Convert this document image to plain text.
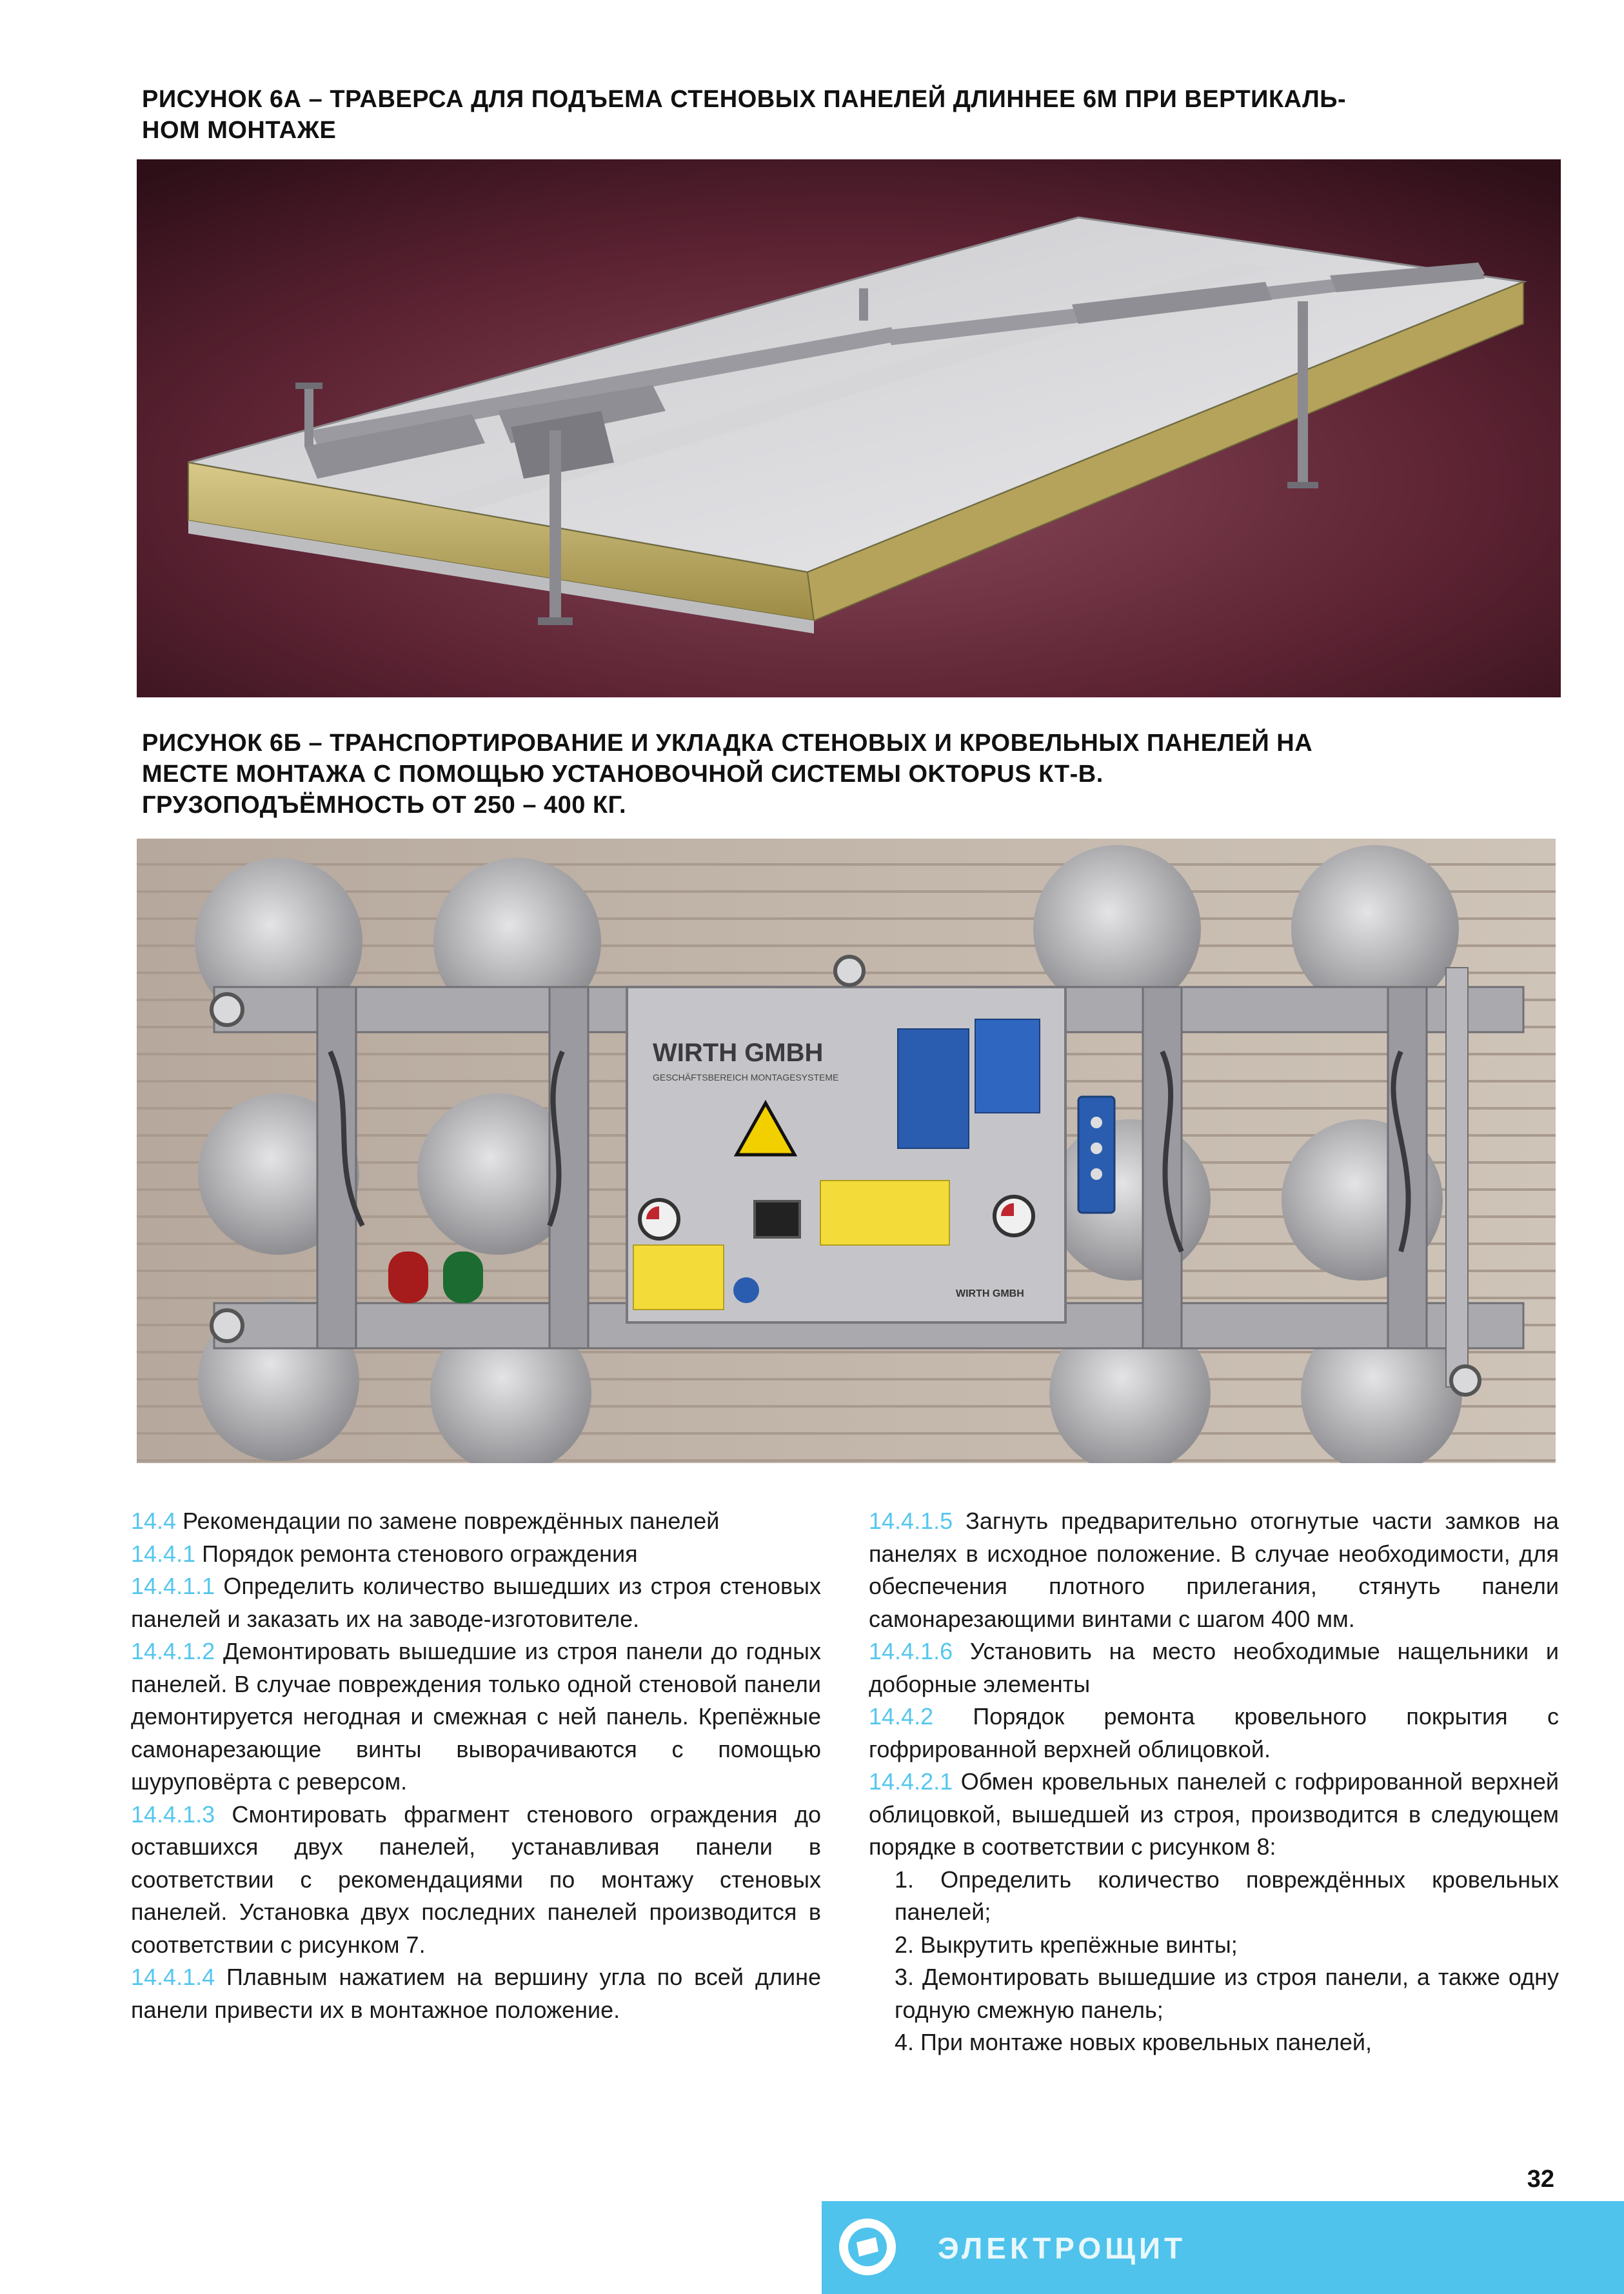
РИСУНОК 6А – ТРАВЕРСА ДЛЯ ПОДЪЕМА СТЕНОВЫХ ПАНЕЛЕЙ ДЛИННЕЕ 6М ПРИ ВЕРТИКАЛЬ-
НОМ МОНТАЖЕ
РИСУНОК 6Б – ТРАНСПОРТИРОВАНИЕ И УКЛАДКА СТЕНОВЫХ И КРОВЕЛЬНЫХ ПАНЕЛЕЙ НА
МЕСТЕ МОНТАЖА С ПОМОЩЬЮ УСТАНОВОЧНОЙ СИСТЕМЫ OKTOPUS КТ-В.
ГРУЗОПОДЪЁМНОСТЬ ОТ 250 – 400 КГ.
WIRTH GMBH
GESCHÄFTSBEREICH MONTAGESYSTEME
WIRTH GMBH

14.4 Рекомендации по замене повреждённых панелей

14.4.1 Порядок ремонта стенового ограждения

14.4.1.1 Определить количество вышедших из строя стеновых панелей и заказать их на заводе-изготовителе.

14.4.1.2 Демонтировать вышедшие из строя панели до годных панелей. В случае повреждения только одной стеновой панели демонтируется негодная и смежная с ней панель. Крепёжные самонарезающие винты выворачиваются с помощью шуруповёрта с реверсом.

14.4.1.3 Смонтировать фрагмент стенового ограждения до оставшихся двух панелей, устанавливая панели в соответствии с рекомендациями по монтажу стеновых панелей. Установка двух последних панелей производится в соответствии с рисунком 7.

14.4.1.4 Плавным нажатием на вершину угла по всей длине панели привести их в монтажное положение.

14.4.1.5 Загнуть предварительно отогнутые части замков на панелях в исходное положение. В случае необходимости, для обеспечения плотного прилегания, стянуть панели самонарезающими винтами с шагом 400 мм.

14.4.1.6 Установить на место необходимые нащельники и доборные элементы

14.4.2 Порядок ремонта кровельного покрытия с гофрированной верхней облицовкой.

14.4.2.1 Обмен кровельных панелей с гофрированной верхней облицовкой, вышедшей из строя, производится в следующем порядке в соответствии с рисунком 8:

1. Определить количество повреждённых кровельных панелей;

2. Выкрутить крепёжные винты;

3. Демонтировать вышедшие из строя панели, а также одну годную смежную панель;

4. При монтаже новых кровельных панелей,

32
ЭЛЕКТРОЩИТ
